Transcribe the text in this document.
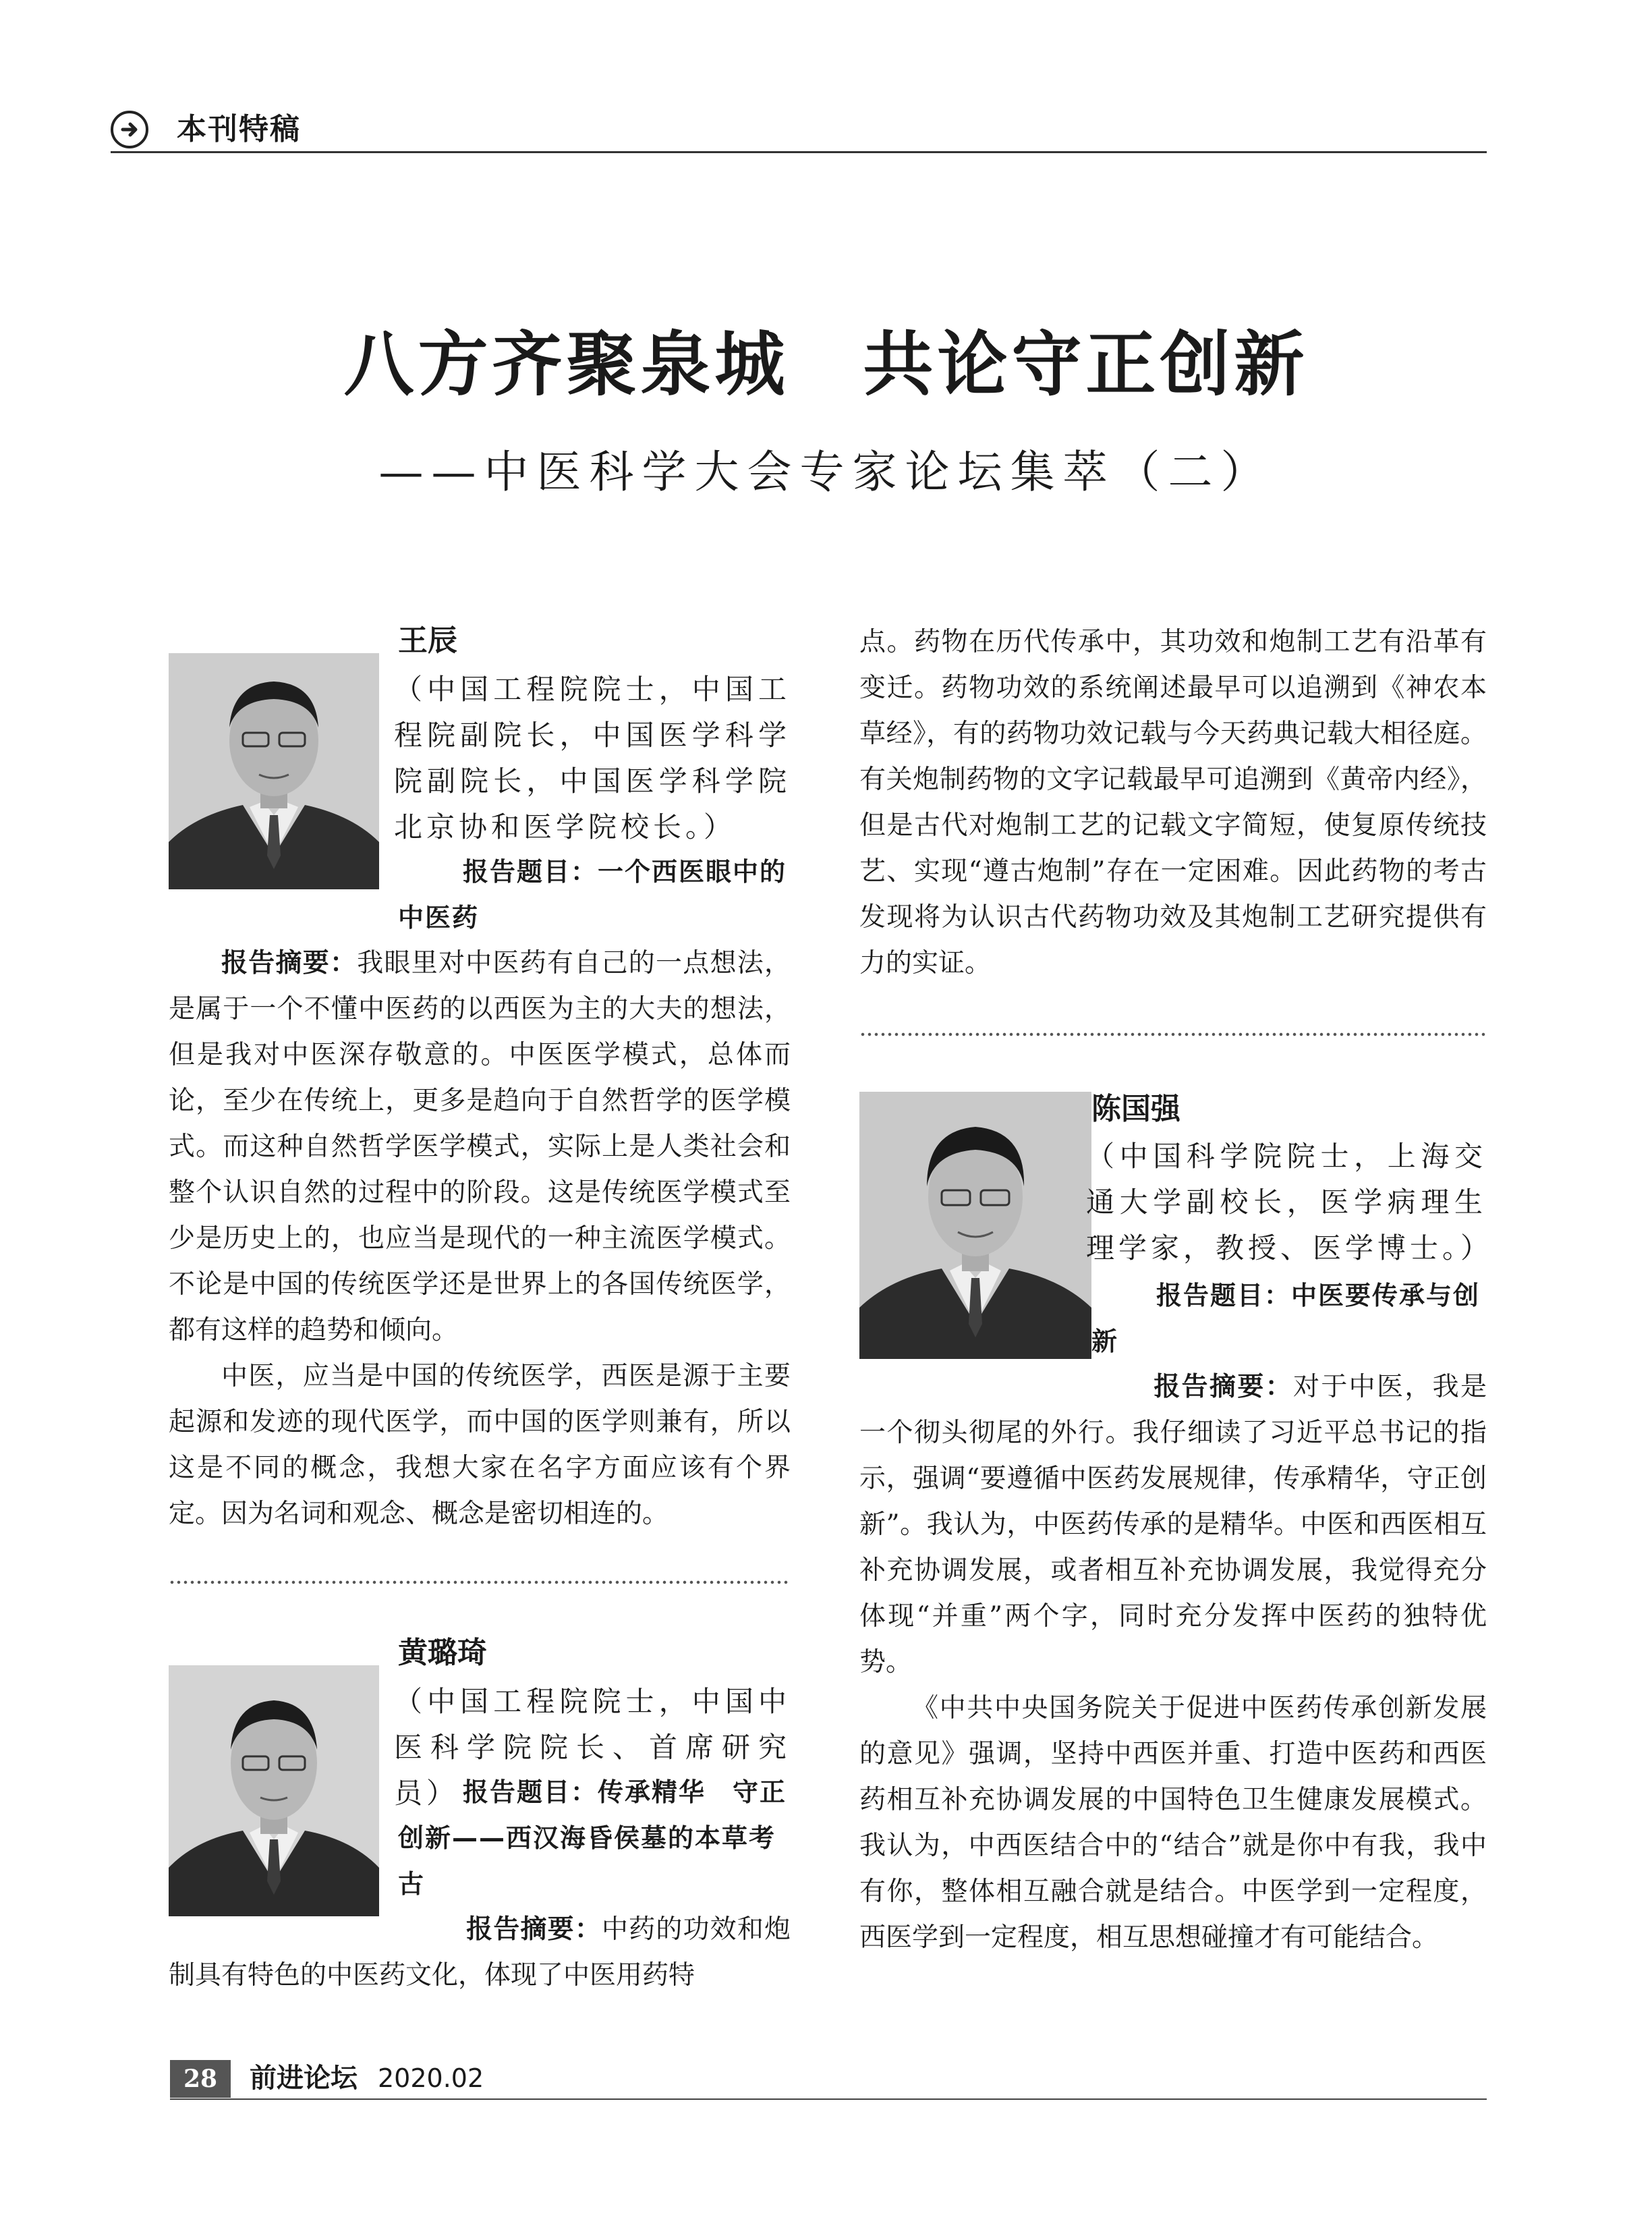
本刊特稿
八方齐聚泉城　共论守正创新
——中医科学大会专家论坛集萃（二）
王辰
（中国工程院院士，中国工程院副院长，中国医学科学院副院长，中国医学科学院北京协和医学院校长。）
报告题目：一个西医眼中的中医药

报告摘要：我眼里对中医药有自己的一点想法，是属于一个不懂中医药的以西医为主的大夫的想法，但是我对中医深存敬意的。中医医学模式，总体而论，至少在传统上，更多是趋向于自然哲学的医学模式。而这种自然哲学医学模式，实际上是人类社会和整个认识自然的过程中的阶段。这是传统医学模式至少是历史上的，也应当是现代的一种主流医学模式。不论是中国的传统医学还是世界上的各国传统医学，都有这样的趋势和倾向。

中医，应当是中国的传统医学，西医是源于主要起源和发迹的现代医学，而中国的医学则兼有，所以这是不同的概念，我想大家在名字方面应该有个界定。因为名词和观念、概念是密切相连的。

黄璐琦
（中国工程院院士，中国中医科学院院长、首席研究员） 报告题目：传承精华　守正创新——西汉海昏侯墓的本草考古

报告摘要：中药的功效和炮制具有特色的中医药文化，体现了中医用药特

点。药物在历代传承中，其功效和炮制工艺有沿革有变迁。药物功效的系统阐述最早可以追溯到《神农本草经》，有的药物功效记载与今天药典记载大相径庭。有关炮制药物的文字记载最早可追溯到《黄帝内经》，但是古代对炮制工艺的记载文字简短，使复原传统技艺、实现“遵古炮制”存在一定困难。因此药物的考古发现将为认识古代药物功效及其炮制工艺研究提供有力的实证。

陈国强
（中国科学院院士，上海交通大学副校长，医学病理生理学家，教授、医学博士。）
报告题目：中医要传承与创新

报告摘要：对于中医，我是一个彻头彻尾的外行。我仔细读了习近平总书记的指示，强调“要遵循中医药发展规律，传承精华，守正创新”。我认为，中医药传承的是精华。中医和西医相互补充协调发展，或者相互补充协调发展，我觉得充分体现“并重”两个字，同时充分发挥中医药的独特优势。

《中共中央国务院关于促进中医药传承创新发展的意见》强调，坚持中西医并重、打造中医药和西医药相互补充协调发展的中国特色卫生健康发展模式。我认为，中西医结合中的“结合”就是你中有我，我中有你，整体相互融合就是结合。中医学到一定程度，西医学到一定程度，相互思想碰撞才有可能结合。

28	前进论坛 2020.02
